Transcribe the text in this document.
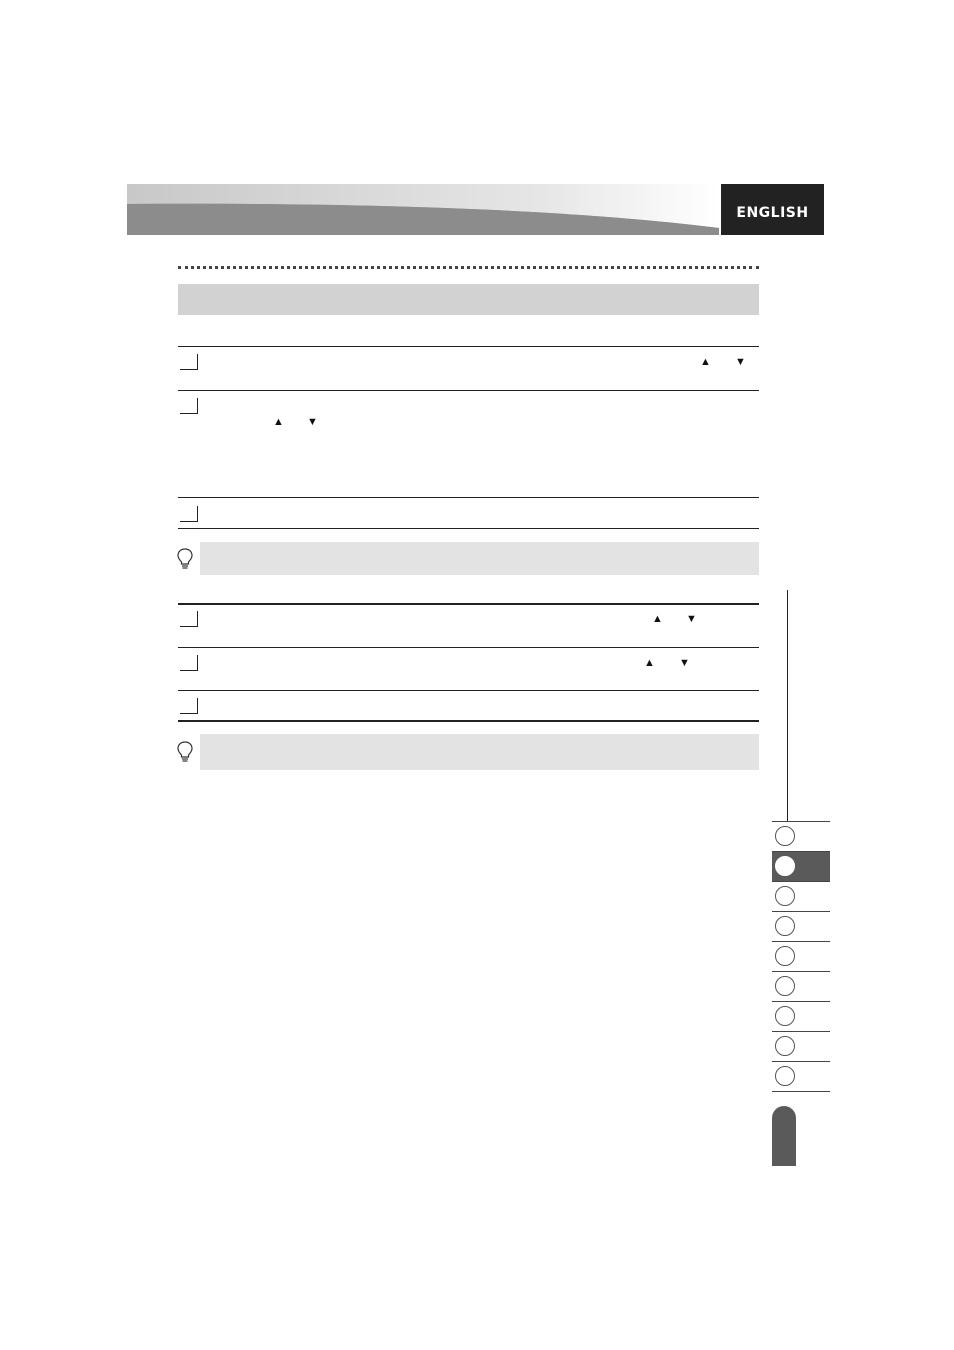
ENGLISH
▲ ▼
▲ ▼
▲ ▼
▲ ▼
